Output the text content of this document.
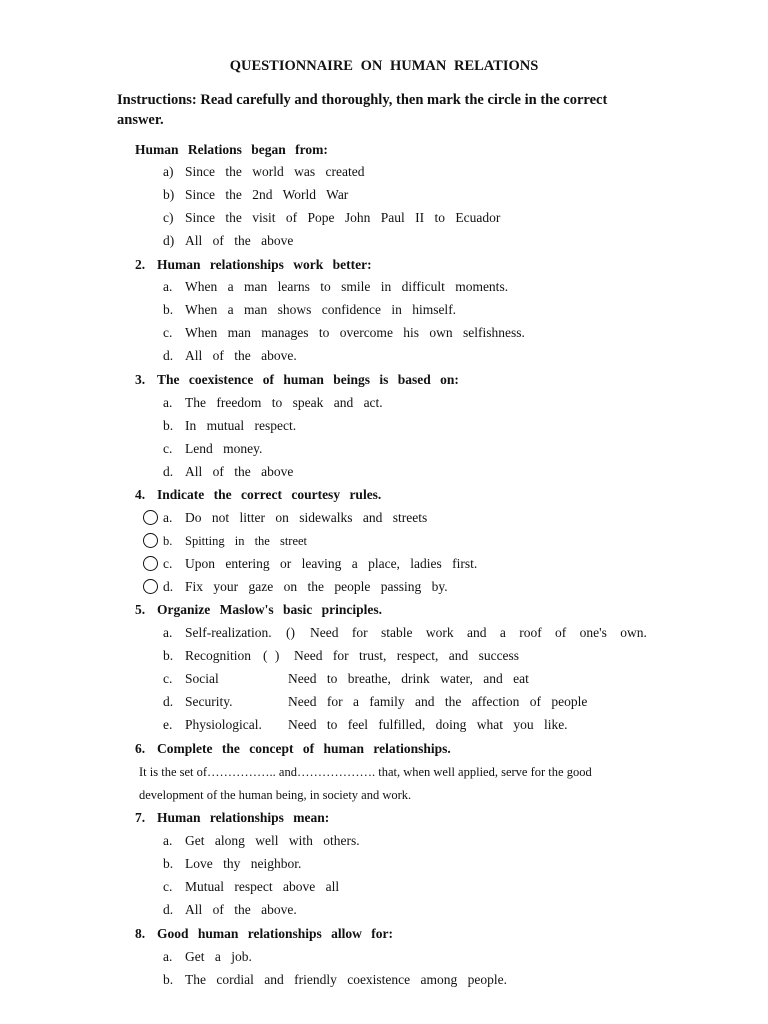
QUESTIONNAIRE ON HUMAN RELATIONS
Instructions: Read carefully and thoroughly, then mark the circle in the correct answer.
Human Relations began from:
a) Since the world was created
b) Since the 2nd World War
c) Since the visit of Pope John Paul II to Ecuador
d) All of the above
2. Human relationships work better:
a. When a man learns to smile in difficult moments.
b. When a man shows confidence in himself.
c. When man manages to overcome his own selfishness.
d. All of the above.
3. The coexistence of human beings is based on:
a. The freedom to speak and act.
b. In mutual respect.
c. Lend money.
d. All of the above
4. Indicate the correct courtesy rules.
a. Do not litter on sidewalks and streets
b. Spitting in the street
c. Upon entering or leaving a place, ladies first.
d. Fix your gaze on the people passing by.
5. Organize Maslow's basic principles.
a. Self-realization. () Need for stable work and a roof of one's own.
b. Recognition ( ) Need for trust, respect, and success
c. Social	Need to breathe, drink water, and eat
d. Security.	Need for a family and the affection of people
e. Physiological. Need to feel fulfilled, doing what you like.
6. Complete the concept of human relationships.
It is the set of…………….. and………………. that, when well applied, serve for the good
development of the human being, in society and work.
7. Human relationships mean:
a. Get along well with others.
b. Love thy neighbor.
c. Mutual respect above all
d. All of the above.
8. Good human relationships allow for:
a. Get a job.
b. The cordial and friendly coexistence among people.
